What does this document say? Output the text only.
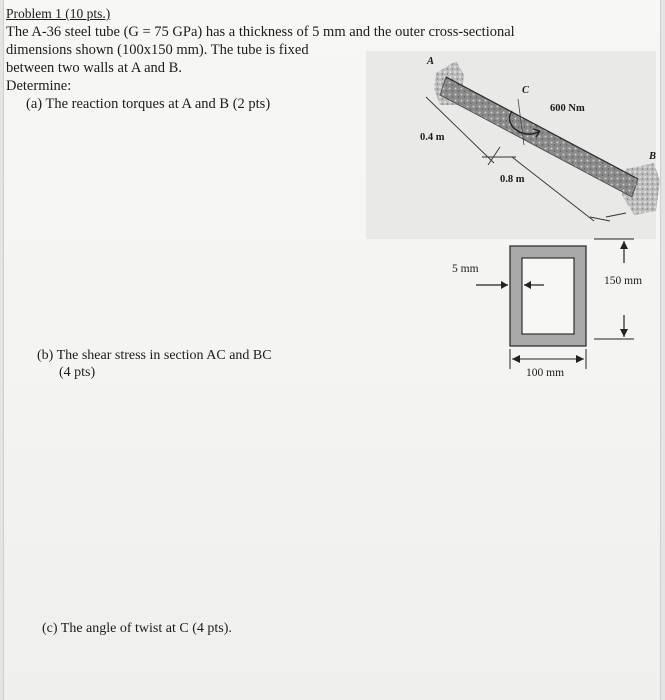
Problem 1 (10 pts.)
The A-36 steel tube (G = 75 GPa) has a thickness of 5 mm and the outer cross-sectional
dimensions shown (100x150 mm). The tube is fixed
between two walls at A and B.
Determine:
(a) The reaction torques at A and B (2 pts)
(b) The shear stress in section AC and BC
(4 pts)
(c) The angle of twist at C (4 pts).
A
C
B
600 Nm
0.4 m
0.8 m
5 mm
150 mm
100 mm
